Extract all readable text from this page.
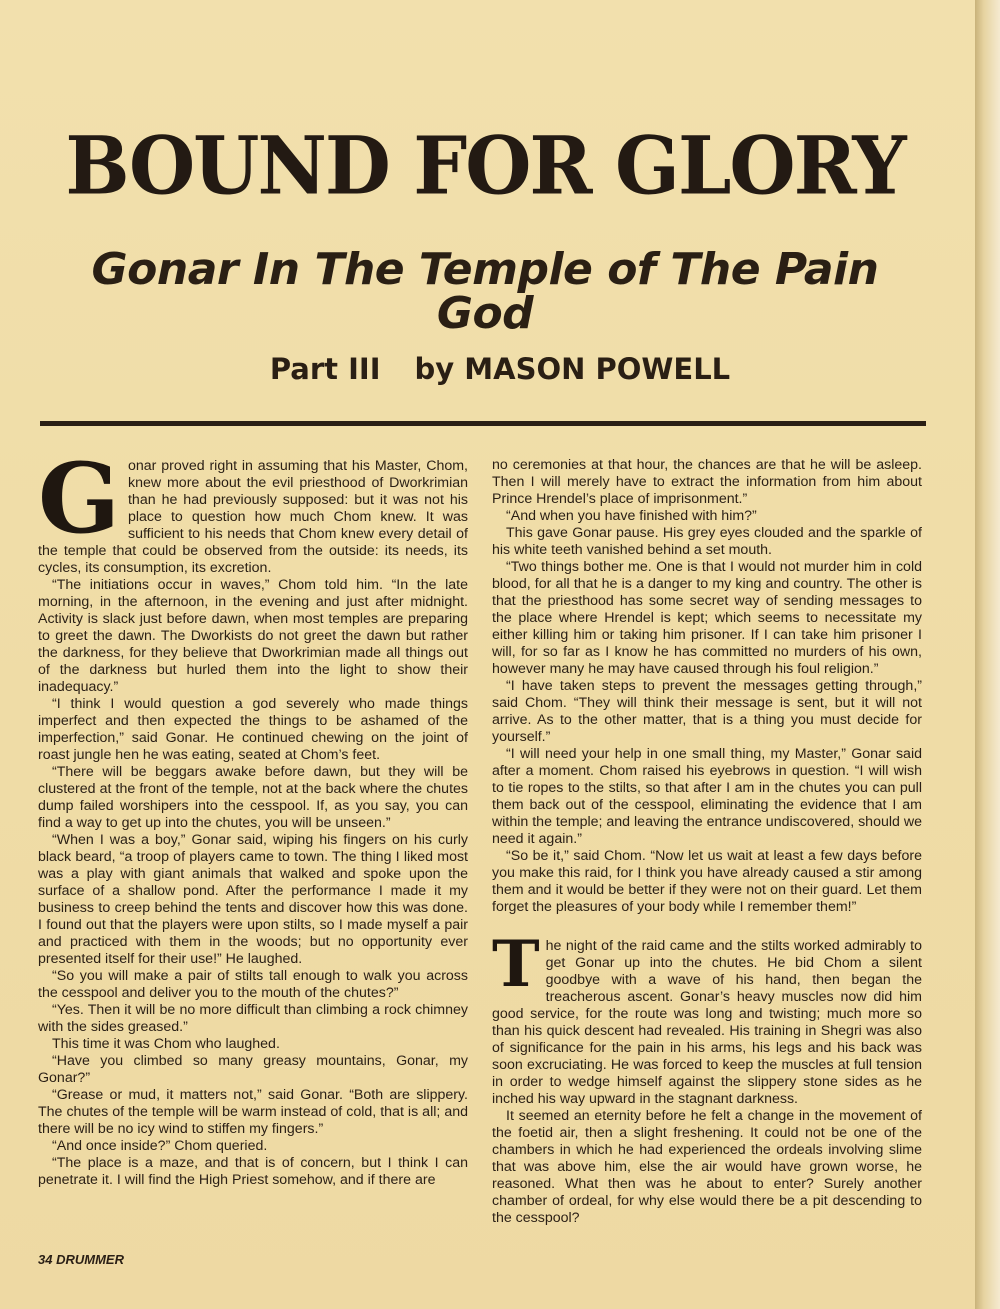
BOUND FOR GLORY
Gonar In The Temple of The Pain God
Part III by MASON POWELL

Gonar proved right in assuming that his Master, Chom, knew more about the evil priesthood of Dworkrimian than he had previously supposed: but it was not his place to question how much Chom knew. It was sufficient to his needs that Chom knew every detail of the temple that could be observed from the outside: its needs, its cycles, its consumption, its excretion.

“The initiations occur in waves,” Chom told him. “In the late morning, in the afternoon, in the evening and just after midnight. Activity is slack just before dawn, when most temples are preparing to greet the dawn. The Dworkists do not greet the dawn but rather the darkness, for they believe that Dworkrimian made all things out of the darkness but hurled them into the light to show their inadequacy.”

“I think I would question a god severely who made things imperfect and then expected the things to be ashamed of the imperfection,” said Gonar. He continued chewing on the joint of roast jungle hen he was eating, seated at Chom’s feet.

“There will be beggars awake before dawn, but they will be clustered at the front of the temple, not at the back where the chutes dump failed worshipers into the cesspool. If, as you say, you can find a way to get up into the chutes, you will be unseen.”

“When I was a boy,” Gonar said, wiping his fingers on his curly black beard, “a troop of players came to town. The thing I liked most was a play with giant animals that walked and spoke upon the surface of a shallow pond. After the performance I made it my business to creep behind the tents and discover how this was done. I found out that the players were upon stilts, so I made myself a pair and practiced with them in the woods; but no opportunity ever presented itself for their use!” He laughed.

“So you will make a pair of stilts tall enough to walk you across the cesspool and deliver you to the mouth of the chutes?”

“Yes. Then it will be no more difficult than climbing a rock chimney with the sides greased.”

This time it was Chom who laughed.

“Have you climbed so many greasy mountains, Gonar, my Gonar?”

“Grease or mud, it matters not,” said Gonar. “Both are slippery. The chutes of the temple will be warm instead of cold, that is all; and there will be no icy wind to stiffen my fingers.”

“And once inside?” Chom queried.

“The place is a maze, and that is of concern, but I think I can penetrate it. I will find the High Priest somehow, and if there are

no ceremonies at that hour, the chances are that he will be asleep. Then I will merely have to extract the information from him about Prince Hrendel’s place of imprisonment.”

“And when you have finished with him?”

This gave Gonar pause. His grey eyes clouded and the sparkle of his white teeth vanished behind a set mouth.

“Two things bother me. One is that I would not murder him in cold blood, for all that he is a danger to my king and country. The other is that the priesthood has some secret way of sending messages to the place where Hrendel is kept; which seems to necessitate my either killing him or taking him prisoner. If I can take him prisoner I will, for so far as I know he has committed no murders of his own, however many he may have caused through his foul religion.”

“I have taken steps to prevent the messages getting through,” said Chom. “They will think their message is sent, but it will not arrive. As to the other matter, that is a thing you must decide for yourself.”

“I will need your help in one small thing, my Master,” Gonar said after a moment. Chom raised his eyebrows in question. “I will wish to tie ropes to the stilts, so that after I am in the chutes you can pull them back out of the cesspool, eliminating the evidence that I am within the temple; and leaving the entrance undiscovered, should we need it again.”

“So be it,” said Chom. “Now let us wait at least a few days before you make this raid, for I think you have already caused a stir among them and it would be better if they were not on their guard. Let them forget the pleasures of your body while I remember them!”

The night of the raid came and the stilts worked admirably to get Gonar up into the chutes. He bid Chom a silent goodbye with a wave of his hand, then began the treacherous ascent. Gonar’s heavy muscles now did him good service, for the route was long and twisting; much more so than his quick descent had revealed. His training in Shegri was also of significance for the pain in his arms, his legs and his back was soon excruciating. He was forced to keep the muscles at full tension in order to wedge himself against the slippery stone sides as he inched his way upward in the stagnant darkness.

It seemed an eternity before he felt a change in the movement of the foetid air, then a slight freshening. It could not be one of the chambers in which he had experienced the ordeals involving slime that was above him, else the air would have grown worse, he reasoned. What then was he about to enter? Surely another chamber of ordeal, for why else would there be a pit descending to the cesspool?

34 DRUMMER
